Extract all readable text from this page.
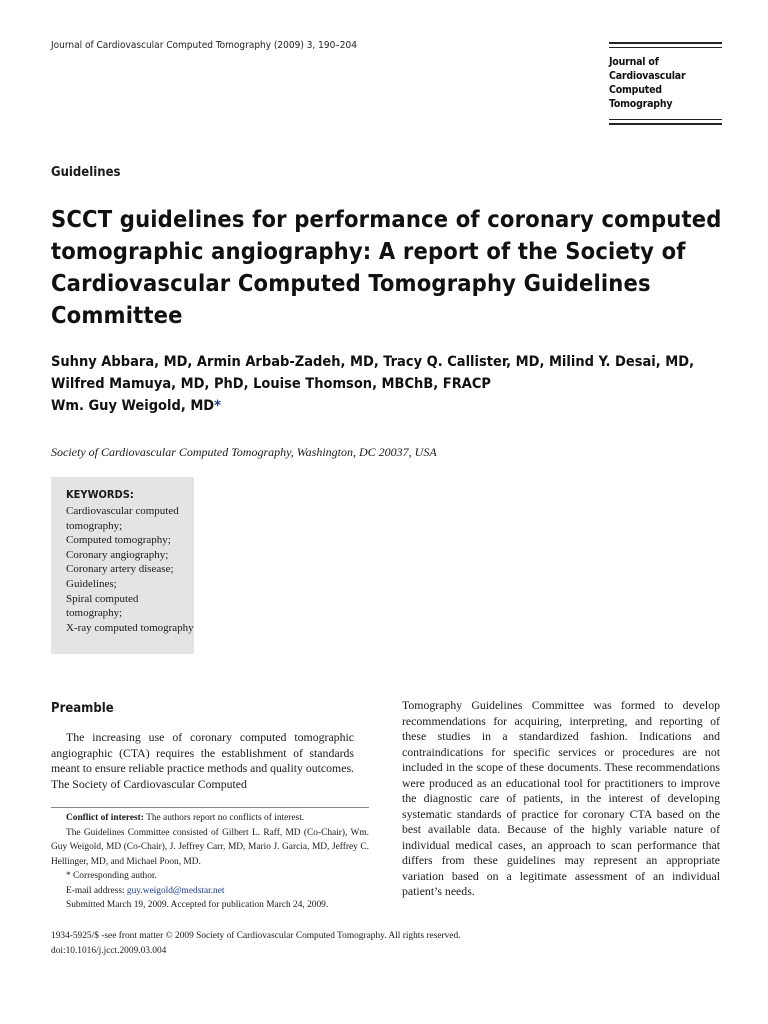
Journal of Cardiovascular Computed Tomography (2009) 3, 190–204
Journal of
Cardiovascular
Computed Tomography
Guidelines
SCCT guidelines for performance of coronary computed tomographic angiography: A report of the Society of Cardiovascular Computed Tomography Guidelines Committee
Suhny Abbara, MD, Armin Arbab-Zadeh, MD, Tracy Q. Callister, MD, Milind Y. Desai, MD, Wilfred Mamuya, MD, PhD, Louise Thomson, MBChB, FRACP
Wm. Guy Weigold, MD*
Society of Cardiovascular Computed Tomography, Washington, DC 20037, USA
KEYWORDS:
Cardiovascular computed tomography;
Computed tomography;
Coronary angiography;
Coronary artery disease;
Guidelines;
Spiral computed tomography;
X-ray computed tomography
Preamble

The increasing use of coronary computed tomographic angiographic (CTA) requires the establishment of standards meant to ensure reliable practice methods and quality outcomes. The Society of Cardiovascular Computed

Tomography Guidelines Committee was formed to develop recommendations for acquiring, interpreting, and reporting of these studies in a standardized fashion. Indications and contraindications for specific services or procedures are not included in the scope of these documents. These recommendations were produced as an educational tool for practitioners to improve the diagnostic care of patients, in the interest of developing systematic standards of practice for coronary CTA based on the best available data. Because of the highly variable nature of individual medical cases, an approach to scan performance that differs from these guidelines may represent an appropriate variation based on a legitimate assessment of an individual patient’s needs.

Conflict of interest: The authors report no conflicts of interest.

The Guidelines Committee consisted of Gilbert L. Raff, MD (Co-Chair), Wm. Guy Weigold, MD (Co-Chair), J. Jeffrey Carr, MD, Mario J. Garcia, MD, Jeffrey C. Hellinger, MD, and Michael Poon, MD.

* Corresponding author.

E-mail address: guy.weigold@medstar.net

Submitted March 19, 2009. Accepted for publication March 24, 2009.

1934-5925/$ -see front matter © 2009 Society of Cardiovascular Computed Tomography. All rights reserved.
doi:10.1016/j.jcct.2009.03.004
